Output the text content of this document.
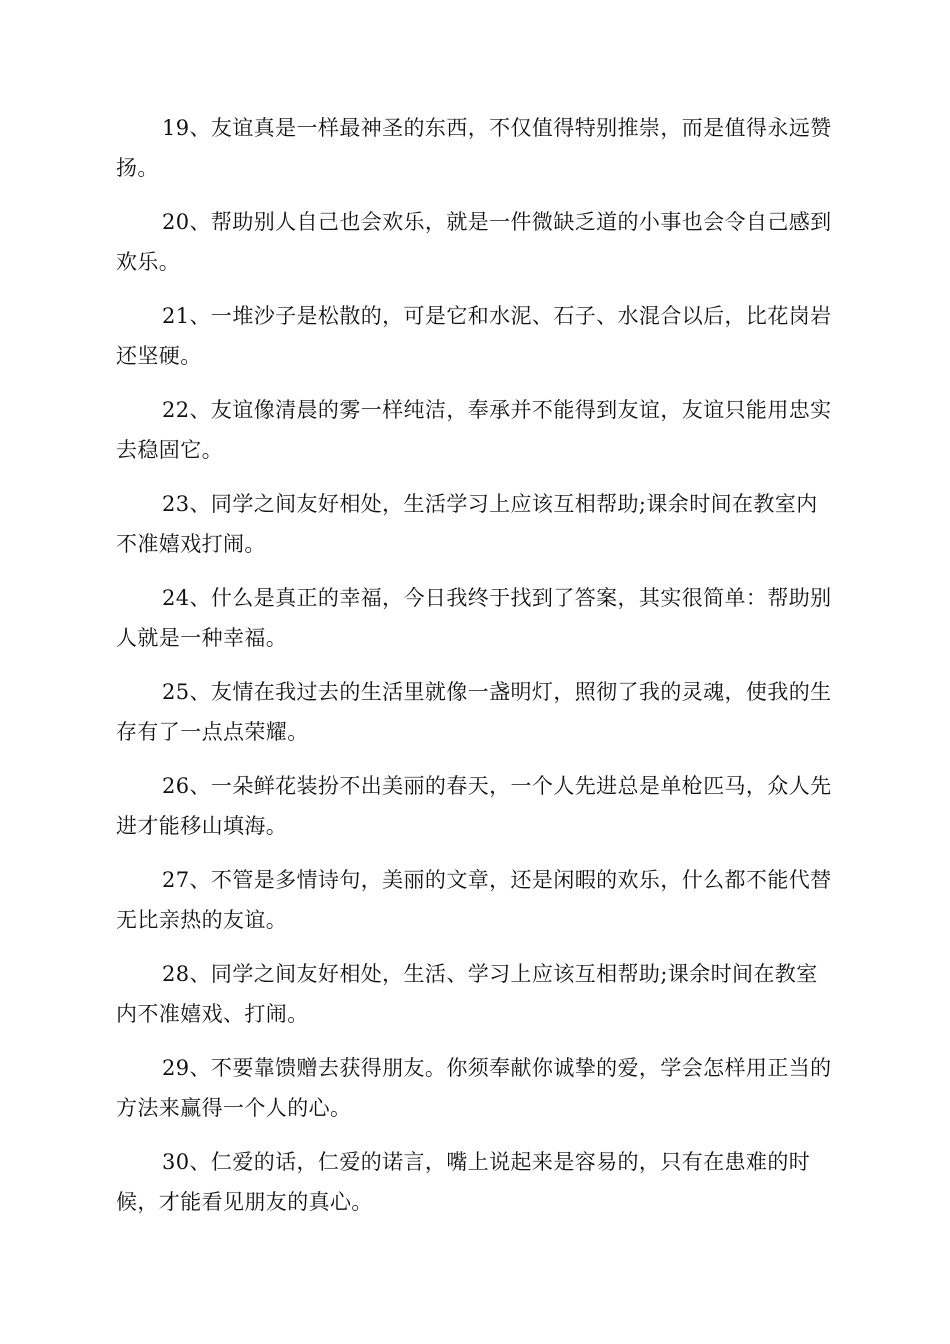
19、友谊真是一样最神圣的东西，不仅值得特别推崇，而是值得永远赞扬。

20、帮助别人自己也会欢乐，就是一件微缺乏道的小事也会令自己感到欢乐。

21、一堆沙子是松散的，可是它和水泥、石子、水混合以后，比花岗岩还坚硬。

22、友谊像清晨的雾一样纯洁，奉承并不能得到友谊，友谊只能用忠实去稳固它。

23、同学之间友好相处，生活学习上应该互相帮助;课余时间在教室内不准嬉戏打闹。

24、什么是真正的幸福，今日我终于找到了答案，其实很简单：帮助别人就是一种幸福。

25、友情在我过去的生活里就像一盏明灯，照彻了我的灵魂，使我的生存有了一点点荣耀。

26、一朵鲜花装扮不出美丽的春天，一个人先进总是单枪匹马，众人先进才能移山填海。

27、不管是多情诗句，美丽的文章，还是闲暇的欢乐，什么都不能代替无比亲热的友谊。

28、同学之间友好相处，生活、学习上应该互相帮助;课余时间在教室内不准嬉戏、打闹。

29、不要靠馈赠去获得朋友。你须奉献你诚挚的爱，学会怎样用正当的方法来赢得一个人的心。

30、仁爱的话，仁爱的诺言，嘴上说起来是容易的，只有在患难的时候，才能看见朋友的真心。
